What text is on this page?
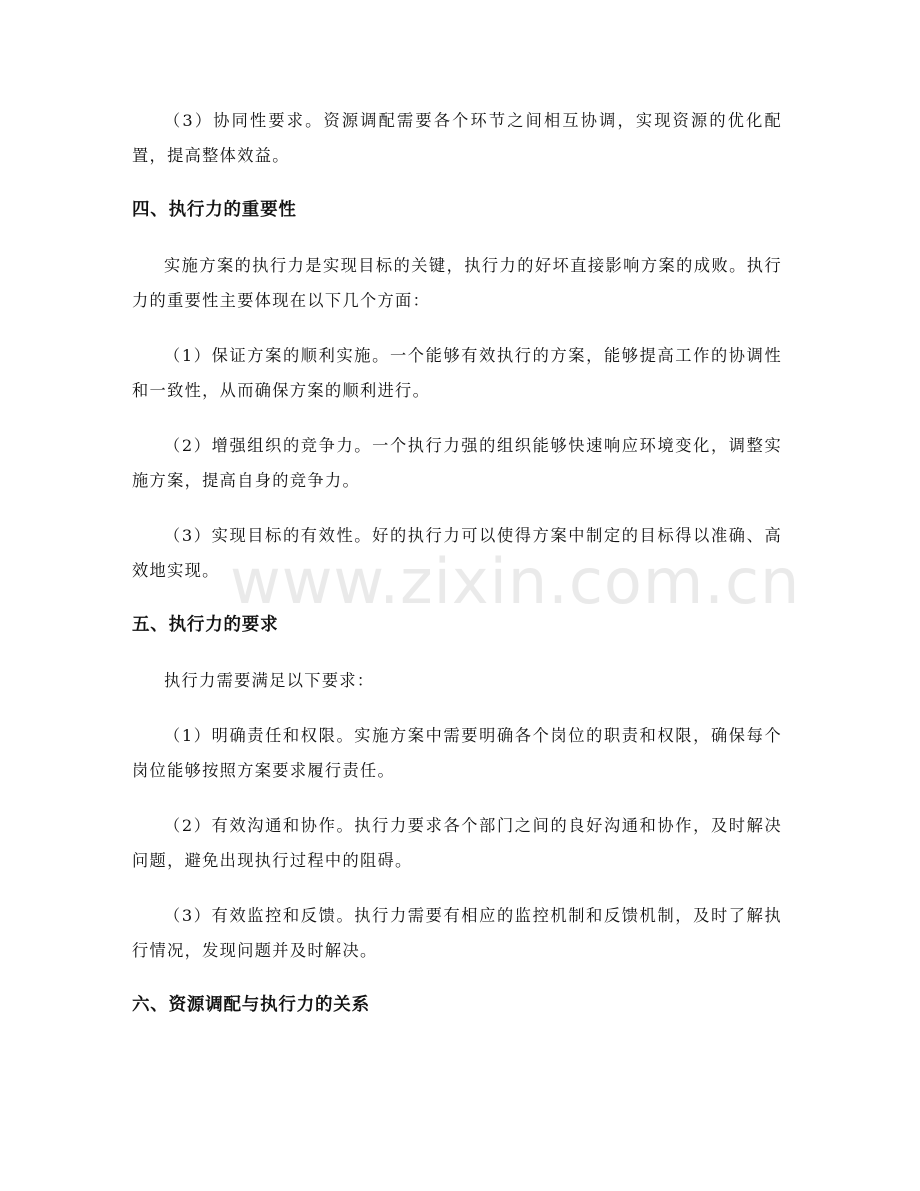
（3）协同性要求。资源调配需要各个环节之间相互协调，实现资源的优化配置，提高整体效益。

四、执行力的重要性

实施方案的执行力是实现目标的关键，执行力的好坏直接影响方案的成败。执行力的重要性主要体现在以下几个方面：

（1）保证方案的顺利实施。一个能够有效执行的方案，能够提高工作的协调性和一致性，从而确保方案的顺利进行。

（2）增强组织的竞争力。一个执行力强的组织能够快速响应环境变化，调整实施方案，提高自身的竞争力。

（3）实现目标的有效性。好的执行力可以使得方案中制定的目标得以准确、高效地实现。

五、执行力的要求

执行力需要满足以下要求：

（1）明确责任和权限。实施方案中需要明确各个岗位的职责和权限，确保每个岗位能够按照方案要求履行责任。

（2）有效沟通和协作。执行力要求各个部门之间的良好沟通和协作，及时解决问题，避免出现执行过程中的阻碍。

（3）有效监控和反馈。执行力需要有相应的监控机制和反馈机制，及时了解执行情况，发现问题并及时解决。

六、资源调配与执行力的关系
www.zixin.com.cn
